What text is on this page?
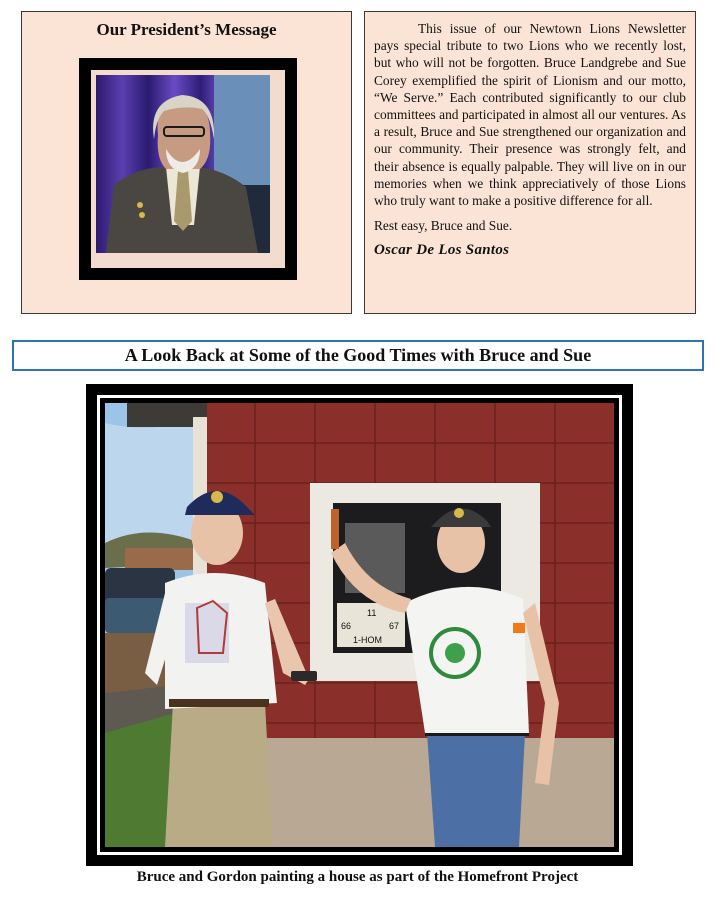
Our President’s Message	This issue of our Newtown Lions Newsletter pays special tribute to two Lions who we recently lost, but who will not be forgotten. Bruce Landgrebe and Sue Corey exemplified the spirit of Lionism and our motto, “We Serve.” Each contributed significantly to our club committees and participated in almost all our ventures. As a result, Bruce and Sue strengthened our organization and our community. Their presence was strongly felt, and their absence is equally palpable. They will live on in our memories when we think appreciatively of those Lions who truly want to make a positive difference for all.

Rest easy, Bruce and Sue.

Oscar De Los Santos

A Look Back at Some of the Good Times with Bruce and Sue
11
66	67
1-HOM
Bruce and Gordon painting a house as part of the Homefront Project
